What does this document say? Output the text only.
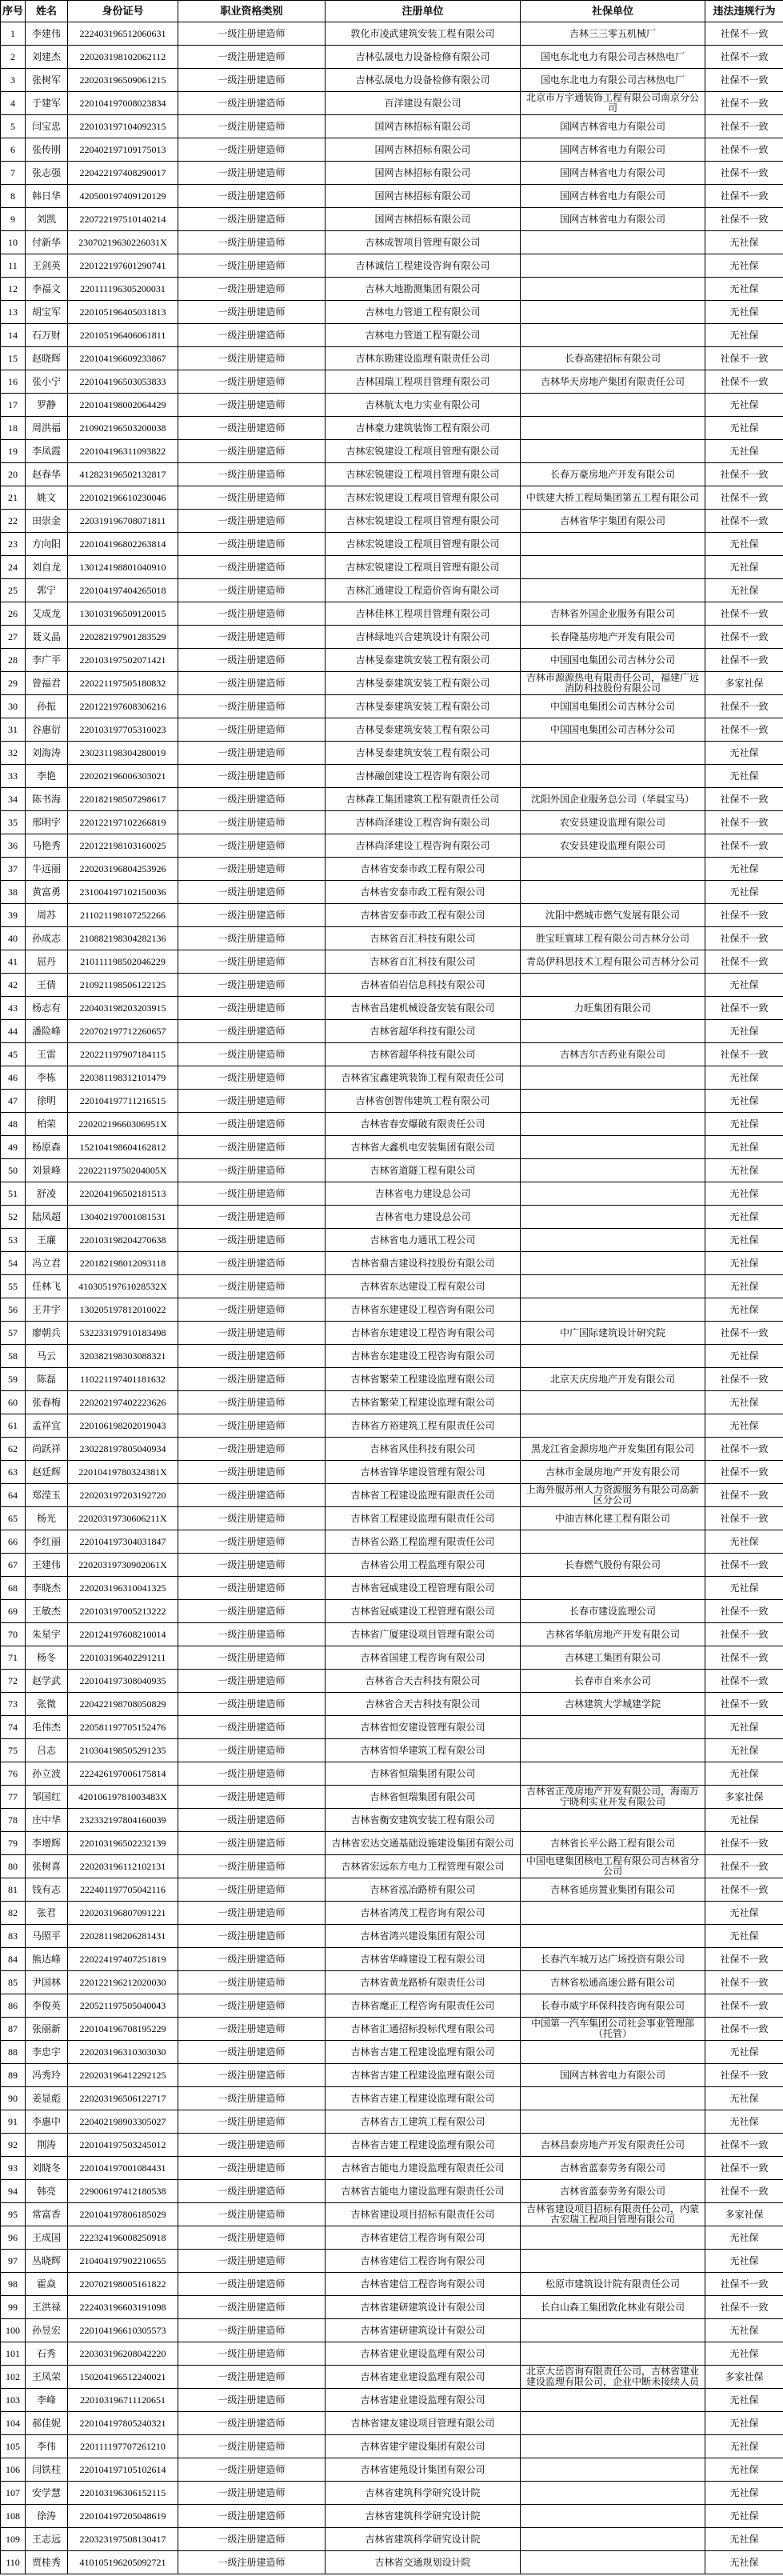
序号	姓名	身份证号	职业资格类别	注册单位	社保单位	违法违规行为
1	李建伟	222403196512060631	一级注册建造师	敦化市凌武建筑安装工程有限公司	吉林三三零五机械厂	社保不一致
2	刘建杰	220203198102062112	一级注册建造师	吉林弘晟电力设备检修有限公司	国电东北电力有限公司吉林热电厂	社保不一致
3	张树军	220203196509061215	一级注册建造师	吉林弘晟电力设备检修有限公司	国电东北电力有限公司吉林热电厂	社保不一致
4	于建军	220104197008023834	一级注册建造师	百洋建设有限公司	北京市万宇通装饰工程有限公司南京分公司	社保不一致
5	闫宝忠	220103197104092315	一级注册建造师	国网吉林招标有限公司	国网吉林省电力有限公司	社保不一致
6	张传刚	220402197109175013	一级注册建造师	国网吉林招标有限公司	国网吉林省电力有限公司	社保不一致
7	张志强	220422197408290017	一级注册建造师	国网吉林招标有限公司	国网吉林省电力有限公司	社保不一致
8	韩日华	420500197409120129	一级注册建造师	国网吉林招标有限公司	国网吉林省电力有限公司	社保不一致
9	刘凯	220722197510140214	一级注册建造师	国网吉林招标有限公司	国网吉林省电力有限公司	社保不一致
10	付新华	23070219630226031X	一级注册建造师	吉林成智项目管理有限公司		无社保
11	王剑英	220122197601290741	一级注册建造师	吉林诚信工程建设咨询有限公司		无社保
12	李福文	220111196305200031	一级注册建造师	吉林大地勘测集团有限公司		无社保
13	胡宝军	220105196405031813	一级注册建造师	吉林电力管道工程有限公司		无社保
14	石万财	220105196406061811	一级注册建造师	吉林电力管道工程有限公司		无社保
15	赵晓辉	220104196609233867	一级注册建造师	吉林东勘建设监理有限责任公司	长春高建招标有限公司	社保不一致
16	张小宁	220104196503053833	一级注册建造师	吉林国瑞工程项目管理有限公司	吉林华天房地产集团有限责任公司	社保不一致
17	罗静	220104198002064429	一级注册建造师	吉林航太电力实业有限公司		无社保
18	周洪福	210902196503200038	一级注册建造师	吉林豪力建筑装饰工程有限公司		无社保
19	李凤霞	220104196311093822	一级注册建造师	吉林宏锐建设工程项目管理有限公司		无社保
20	赵春华	412823196502132817	一级注册建造师	吉林宏锐建设工程项目管理有限公司	长春万豪房地产开发有限公司	社保不一致
21	姚文	220102196610230046	一级注册建造师	吉林宏锐建设工程项目管理有限公司	中铁建大桥工程局集团第五工程有限公司	社保不一致
22	田崇金	220319196708071811	一级注册建造师	吉林宏锐建设工程项目管理有限公司	吉林省华宇集团有限公司	社保不一致
23	方向阳	220104196802263814	一级注册建造师	吉林宏锐建设工程项目管理有限公司		无社保
24	刘自龙	130124198801040910	一级注册建造师	吉林宏锐建设工程项目管理有限公司		无社保
25	郭宁	220104197404265018	一级注册建造师	吉林汇通建设工程造价咨询有限公司		无社保
26	艾成龙	130103196509120015	一级注册建造师	吉林佳林工程项目管理有限公司	吉林省外国企业服务有限公司	社保不一致
27	聂义晶	220282197901283529	一级注册建造师	吉林绿地兴合建筑设计有限公司	长春隆基房地产开发有限公司	社保不一致
28	李广平	220103197502071421	一级注册建造师	吉林旻泰建筑安装工程有限公司	中国国电集团公司吉林分公司	社保不一致
29	曾福君	220221197505180832	一级注册建造师	吉林旻泰建筑安装工程有限公司	吉林市源源热电有限责任公司，福建广远消防科技股份有限公司	多家社保
30	孙振	220122197608306216	一级注册建造师	吉林旻泰建筑安装工程有限公司	中国国电集团公司吉林分公司	社保不一致
31	谷惠衍	220103197705310023	一级注册建造师	吉林旻泰建筑安装工程有限公司	中国国电集团公司吉林分公司	社保不一致
32	刘海涛	230231198304280019	一级注册建造师	吉林旻泰建筑安装工程有限公司		无社保
33	李艳	220202196006303021	一级注册建造师	吉林融创建设工程咨询有限公司		无社保
34	陈书海	220182198507298617	一级注册建造师	吉林森工集团建筑工程有限责任公司	沈阳外国企业服务总公司（华晨宝马）	社保不一致
35	邢明宇	220122197102266819	一级注册建造师	吉林尚泽建设工程咨询有限公司	农安县建设监理有限公司	社保不一致
36	马艳秀	220122198103160025	一级注册建造师	吉林尚泽建设工程咨询有限公司	农安县建设监理有限公司	社保不一致
37	牛远丽	220203196804253926	一级注册建造师	吉林省安泰市政工程有限公司		无社保
38	黄富勇	231004197102150036	一级注册建造师	吉林省安泰市政工程有限公司		无社保
39	周苏	211021198107252266	一级注册建造师	吉林省安泰市政工程有限公司	沈阳中燃城市燃气发展有限公司	社保不一致
40	孙成志	210882198304282136	一级注册建造师	吉林省百汇科技有限公司	胜宝旺寰球工程有限公司吉林分公司	社保不一致
41	屈丹	210111198502046229	一级注册建造师	吉林省百汇科技有限公司	青岛伊科思技术工程有限公司吉林分公司	社保不一致
42	王倩	210921198506122125	一级注册建造师	吉林省佰岩信息科技有限公司		无社保
43	杨志有	220403198203203915	一级注册建造师	吉林省昌建机械设备安装有限公司	力旺集团有限公司	社保不一致
44	潘险峰	220702197712260657	一级注册建造师	吉林省超华科技有限公司		无社保
45	王雷	220221197907184115	一级注册建造师	吉林省超华科技有限公司	吉林吉尔吉药业有限公司	社保不一致
46	李栋	220381198312101479	一级注册建造师	吉林省宝鑫建筑装饰工程有限责任公司		无社保
47	徐明	220104197711216515	一级注册建造师	吉林省创智伟建筑工程有限公司		无社保
48	柏荣	22020219660306951X	一级注册建造师	吉林省春安爆破有限责任公司		无社保
49	杨原森	152104198604162812	一级注册建造师	吉林省大鑫机电安装集团有限公司		无社保
50	刘景峰	22022119750204005X	一级注册建造师	吉林省道隧工程有限公司		无社保
51	舒凌	220204196502181513	一级注册建造师	吉林省电力建设总公司		无社保
52	陆凤超	130402197001081531	一级注册建造师	吉林省电力建设总公司		无社保
53	王廉	220103198204270638	一级注册建造师	吉林省电力通讯工程公司		无社保
54	冯立君	220182198012093118	一级注册建造师	吉林省鼎吉建设科技股份有限公司		无社保
55	任林飞	41030519761028532X	一级注册建造师	吉林省东达建设工程有限公司		无社保
56	王井宇	130205197812010022	一级注册建造师	吉林省东建建设工程咨询有限公司		无社保
57	廖朝兵	532233197910183498	一级注册建造师	吉林省东建建设工程咨询有限公司	中广国际建筑设计研究院	社保不一致
58	马云	320382198303088321	一级注册建造师	吉林省东建建设工程咨询有限公司		无社保
59	陈磊	110221197401181632	一级注册建造师	吉林省繁荣工程建设监理有限公司	北京天庆房地产开发有限公司	社保不一致
60	张春梅	220202197402223626	一级注册建造师	吉林省繁荣工程建设监理有限公司		无社保
61	孟祥宜	220106198202019043	一级注册建造师	吉林省方裕建筑工程有限责任公司		无社保
62	尚跃祥	230228197805040934	一级注册建造师	吉林省风佳科技有限公司	黑龙江省金源房地产开发集团有限公司	社保不一致
63	赵廷辉	22010419780324381X	一级注册建造师	吉林省锋华建设管理有限公司	吉林市金晟房地产开发有限公司	社保不一致
64	郑滢玉	220203197203192720	一级注册建造师	吉林省工程建设监理有限责任公司	上海外服苏州人力资源服务有限公司高新区分公司	社保不一致
65	杨光	22020319730606211X	一级注册建造师	吉林省工程建设监理有限责任公司	中油吉林化建工程有限公司	社保不一致
66	李红丽	220104197304031847	一级注册建造师	吉林省公路工程监理有限责任公司		无社保
67	王建伟	22020319730902061X	一级注册建造师	吉林省公用工程监理有限公司	长春燃气股份有限公司	社保不一致
68	李晓杰	220203196310041325	一级注册建造师	吉林省冠威建设工程管理有限公司		无社保
69	王敏杰	220103197005213222	一级注册建造师	吉林省冠威建设工程管理有限公司	长春市建设监理公司	社保不一致
70	朱星宇	220124197608210014	一级注册建造师	吉林省广厦建设项目管理有限公司	吉林省华航房地产开发有限公司	社保不一致
71	杨冬	220103196402291211	一级注册建造师	吉林省国建工程咨询有限公司	吉林建工集团有限公司	社保不一致
72	赵学武	220104197308040935	一级注册建造师	吉林省合天吉科技有限公司	长春市自来水公司	社保不一致
73	张微	220422198708050829	一级注册建造师	吉林省合天吉科技有限公司	吉林建筑大学城建学院	社保不一致
74	毛伟杰	220581197705152476	一级注册建造师	吉林省恒安建设管理有限公司		无社保
75	吕志	210304198505291235	一级注册建造师	吉林省恒华建筑工程有限公司		无社保
76	孙立波	222426197006175814	一级注册建造师	吉林省恒瑞集团有限公司		无社保
77	邹国红	42010619781003483X	一级注册建造师	吉林省恒瑞集团有限公司	吉林省正茂房地产开发有限公司，海南万宁晓利实业开发有限公司	多家社保
78	庄中华	232332197804160039	一级注册建造师	吉林省衡安建筑安装工程有限公司		无社保
79	李增辉	220103196502232139	一级注册建造师	吉林省宏达交通基础设施建设集团有限公司	吉林省长平公路工程有限公司	社保不一致
80	张树喜	220203196112102131	一级注册建造师	吉林省宏远东方电力工程管理有限公司	中国电建集团核电工程有限公司吉林省分公司	社保不一致
81	钱有志	222401197705042116	一级注册建造师	吉林省泓冶路桥有限公司	吉林省延房置业集团有限公司	社保不一致
82	张君	220203196807091221	一级注册建造师	吉林省鸿茂工程咨询有限公司		无社保
83	马照平	220281198206281431	一级注册建造师	吉林省鸿兴建设集团有限公司		无社保
84	熊达峰	220224197407251819	一级注册建造师	吉林省华峰建设工程有限公司	长春汽车城万达广场投资有限公司	社保不一致
85	尹国林	220122196212020030	一级注册建造师	吉林省黄龙路桥有限责任公司	吉林省松通高速公路有限公司	社保不一致
86	李俊英	220521197505040043	一级注册建造师	吉林省麾正工程咨询有限责任公司	长春市威宇环保科技咨询有限公司	社保不一致
87	张丽新	220104196708195229	一级注册建造师	吉林省汇通招标投标代理有限公司	中国第一汽车集团公司社会事业管理部（托管）	社保不一致
88	李忠宇	220203196310303030	一级注册建造师	吉林省吉建工程建设监理有限公司		无社保
89	冯秀玲	220203196412292125	一级注册建造师	吉林省吉建工程建设监理有限公司	国网吉林省电力有限公司	社保不一致
90	姜显彪	220203196506122717	一级注册建造师	吉林省吉建工程建设监理有限公司		无社保
91	李惠中	220402198903305027	一级注册建造师	吉林省吉工建筑工程有限公司		无社保
92	荆涛	220104197503245012	一级注册建造师	吉林省吉建工程建设监理有限公司	吉林昌泰房地产开发有限责任公司	社保不一致
93	刘晓冬	220104197001084431	一级注册建造师	吉林省吉能电力建设监理有限责任公司	吉林省蓝泰劳务有限公司	社保不一致
94	韩亮	229006197412180538	一级注册建造师	吉林省吉能电力建设监理有限责任公司	吉林省蓝泰劳务有限公司	社保不一致
95	常富香	220104197806185029	一级注册建造师	吉林省建设项目招标有限责任公司	吉林省建设项目招标有限责任公司，内蒙古宏瑞工程项目管理有限公司	多家社保
96	王成国	222324196008250918	一级注册建造师	吉林省建信工程咨询有限公司		无社保
97	丛晓辉	210404197902210655	一级注册建造师	吉林省建信工程咨询有限公司		无社保
98	霍焱	220702198005161822	一级注册建造师	吉林省建信工程咨询有限公司	松原市建筑设计院有限责任公司	社保不一致
99	王洪禄	222403196603191098	一级注册建造师	吉林省建研建筑设计有限公司	长白山森工集团敦化林业有限公司	社保不一致
100	孙昱宏	220104196610305573	一级注册建造师	吉林省建研建筑设计有限公司		无社保
101	石秀	220303196208042220	一级注册建造师	吉林省建业建设监理有限公司		无社保
102	王凤荣	150204196512240021	一级注册建造师	吉林省建业建设监理有限公司	北京大岳咨询有限责任公司，吉林省建业建设监理有限公司，企业中断未接续人员	多家社保
103	李峰	220103196711120651	一级注册建造师	吉林省建业建设监理有限公司		无社保
104	郝佳妮	220104197805240321	一级注册建造师	吉林省建友建设项目管理有限公司		无社保
105	李伟	220111197707261210	一级注册建造师	吉林省建宇建设集团有限公司		无社保
106	闫铁柱	220104197105102614	一级注册建造师	吉林省建苑设计集团有限公司		无社保
107	安学慧	220103196306152115	一级注册建造师	吉林省建筑科学研究设计院		无社保
108	徐涛	220104197205048619	一级注册建造师	吉林省建筑科学研究设计院		无社保
109	王志远	220323197508130417	一级注册建造师	吉林省建筑科学研究设计院		无社保
110	贾桂秀	410105196205092721	一级注册建造师	吉林省交通规划设计院		无社保
